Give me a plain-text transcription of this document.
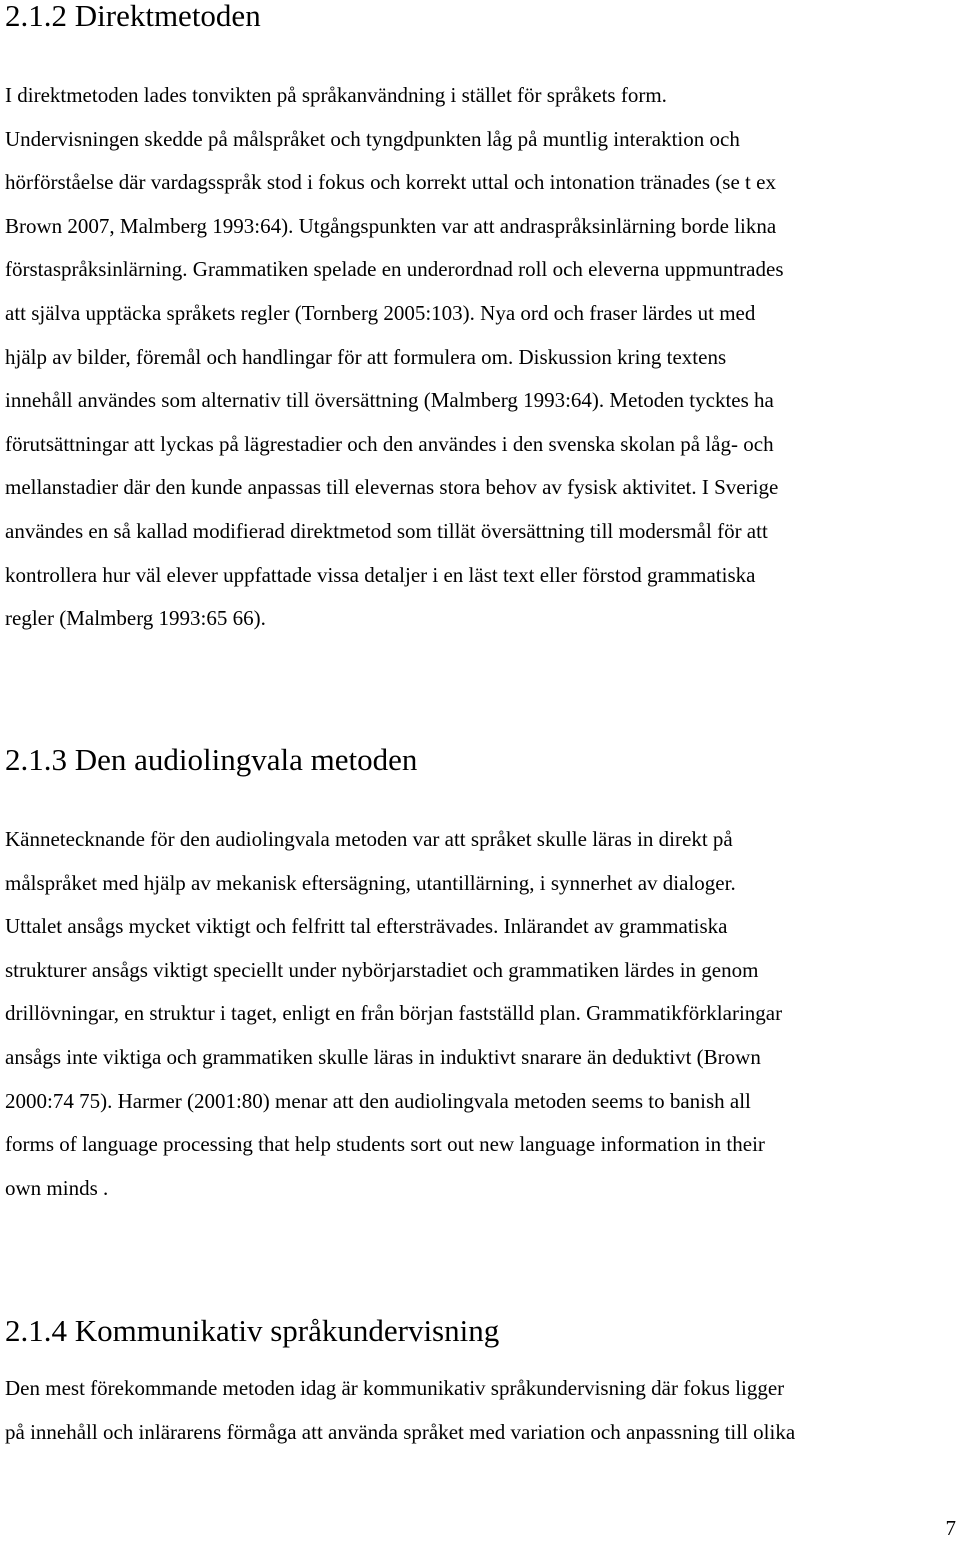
2.1.2 Direktmetoden

I direktmetoden lades tonvikten på språkanvändning i stället för språkets form.
Undervisningen skedde på målspråket och tyngdpunkten låg på muntlig interaktion och
hörförståelse där vardagsspråk stod i fokus och korrekt uttal och intonation tränades (se t ex
Brown 2007, Malmberg 1993:64). Utgångspunkten var att andraspråksinlärning borde likna
förstaspråksinlärning. Grammatiken spelade en underordnad roll och eleverna uppmuntrades
att själva upptäcka språkets regler (Tornberg 2005:103). Nya ord och fraser lärdes ut med
hjälp av bilder, föremål och handlingar för att formulera om. Diskussion kring textens
innehåll användes som alternativ till översättning (Malmberg 1993:64). Metoden tycktes ha
förutsättningar att lyckas på lägrestadier och den användes i den svenska skolan på låg- och
mellanstadier där den kunde anpassas till elevernas stora behov av fysisk aktivitet. I Sverige
användes en så kallad modifierad direktmetod som tillät översättning till modersmål för att
kontrollera hur väl elever uppfattade vissa detaljer i en läst text eller förstod grammatiska
regler (Malmberg 1993:65 66).

2.1.3 Den audiolingvala metoden

Kännetecknande för den audiolingvala metoden var att språket skulle läras in direkt på
målspråket med hjälp av mekanisk eftersägning, utantillärning, i synnerhet av dialoger.
Uttalet ansågs mycket viktigt och felfritt tal eftersträvades. Inlärandet av grammatiska
strukturer ansågs viktigt speciellt under nybörjarstadiet och grammatiken lärdes in genom
drillövningar, en struktur i taget, enligt en från början fastställd plan. Grammatikförklaringar
ansågs inte viktiga och grammatiken skulle läras in induktivt snarare än deduktivt (Brown
2000:74 75). Harmer (2001:80) menar att den audiolingvala metoden seems to banish all
forms of language processing that help students sort out new language information in their
own minds .

2.1.4 Kommunikativ språkundervisning

Den mest förekommande metoden idag är kommunikativ språkundervisning där fokus ligger
på innehåll och inlärarens förmåga att använda språket med variation och anpassning till olika

7
